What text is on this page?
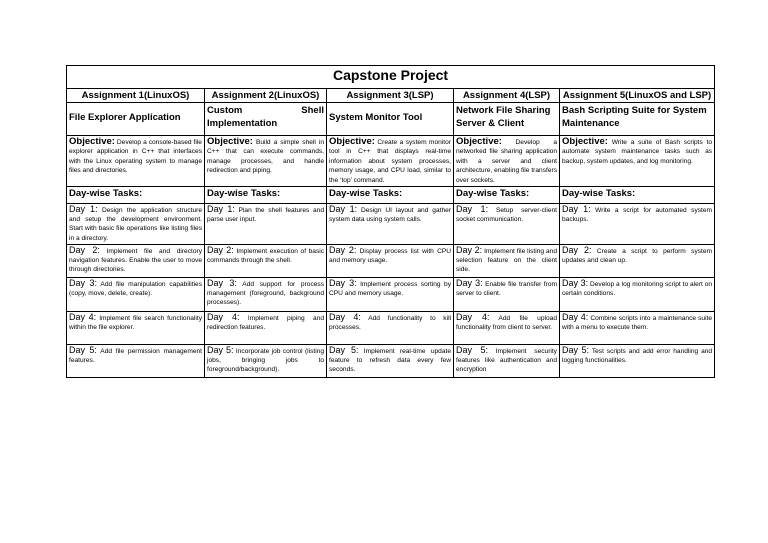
Capstone Project				
Assignment 1(LinuxOS)	Assignment 2(LinuxOS)	Assignment 3(LSP)	Assignment 4(LSP)	Assignment 5(LinuxOS and LSP)
File Explorer Application	Custom Shell Implementation	System Monitor Tool	Network File Sharing Server & Client	Bash Scripting Suite for System Maintenance
Objective: Develop a console-based file explorer application in C++ that interfaces with the Linux operating system to manage files and directories.	Objective: Build a simple shell in C++ that can execute commands, manage processes, and handle redirection and piping.	Objective: Create a system monitor tool in C++ that displays real-time information about system processes, memory usage, and CPU load, similar to the ‘top’ command.	Objective: Develop a networked file sharing application with a server and client architecture, enabling file transfers over sockets.	Objective: Write a suite of Bash scripts to automate system maintenance tasks such as backup, system updates, and log monitoring.
Day-wise Tasks:	Day-wise Tasks:	Day-wise Tasks:	Day-wise Tasks:	Day-wise Tasks:
Day 1: Design the application structure and setup the development environment. Start with basic file operations like listing files in a directory.	Day 1: Plan the shell features and parse user input.	Day 1: Design UI layout and gather system data using system calls.	Day 1: Setup server-client socket communication.	Day 1: Write a script for automated system backups.
Day 2: Implement file and directory navigation features. Enable the user to move through directories.	Day 2: Implement execution of basic commands through the shell.	Day 2: Display process list with CPU and memory usage.	Day 2: Implement file listing and selection feature on the client side.	Day 2: Create a script to perform system updates and clean up.
Day 3: Add file manipulation capabilities (copy, move, delete, create).	Day 3: Add support for process management (foreground, background processes).	Day 3: Implement process sorting by CPU and memory usage.	Day 3: Enable file transfer from server to client.	Day 3: Develop a log monitoring script to alert on certain conditions.
Day 4: Implement file search functionality within the file explorer.	Day 4: Implement piping and redirection features.	Day 4: Add functionality to kill processes.	Day 4: Add file upload functionality from client to server.	Day 4: Combine scripts into a maintenance suite with a menu to execute them.
Day 5: Add file permission management features.	Day 5: Incorporate job control (listing jobs, bringing jobs to foreground/background).	Day 5: Implement real-time update feature to refresh data every few seconds.	Day 5: Implement security features like authentication and encryption	Day 5: Test scripts and add error handling and logging functionalities.
